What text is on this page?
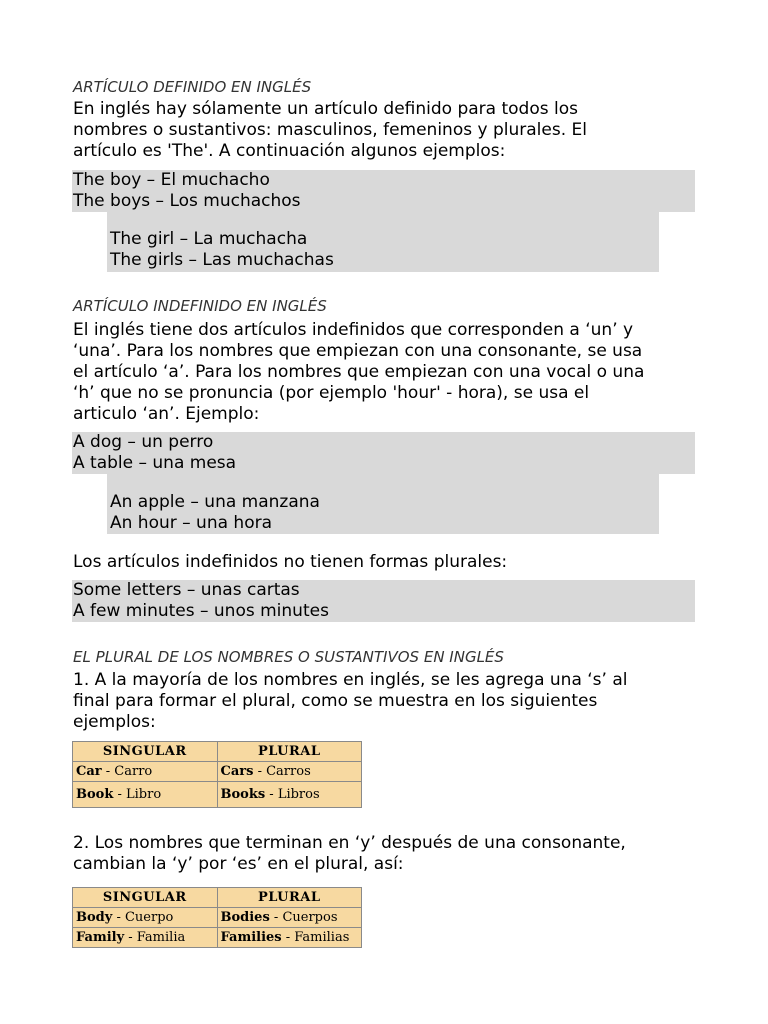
ARTÍCULO DEFINIDO EN INGLÉS
En inglés hay sólamente un artículo definido para todos los
nombres o sustantivos: masculinos, femeninos y plurales. El
artículo es 'The'. A continuación algunos ejemplos:
The boy – El muchacho
The boys – Los muchachos
The girl – La muchacha
The girls – Las muchachas
ARTÍCULO INDEFINIDO EN INGLÉS
El inglés tiene dos artículos indefinidos que corresponden a ‘un’ y
‘una’. Para los nombres que empiezan con una consonante, se usa
el artículo ‘a’. Para los nombres que empiezan con una vocal o una
‘h’ que no se pronuncia (por ejemplo 'hour' - hora), se usa el
articulo ‘an’. Ejemplo:
A dog – un perro
A table – una mesa
An apple – una manzana
An hour – una hora
Los artículos indefinidos no tienen formas plurales:
Some letters – unas cartas
A few minutes – unos minutes
EL PLURAL DE LOS NOMBRES O SUSTANTIVOS EN INGLÉS
1. A la mayoría de los nombres en inglés, se les agrega una ‘s’ al
final para formar el plural, como se muestra en los siguientes
ejemplos:
SINGULAR	PLURAL
Car - Carro	Cars - Carros
Book - Libro	Books - Libros
2. Los nombres que terminan en ‘y’ después de una consonante,
cambian la ‘y’ por ‘es’ en el plural, así:
SINGULAR	PLURAL
Body - Cuerpo	Bodies - Cuerpos
Family - Familia	Families - Familias
